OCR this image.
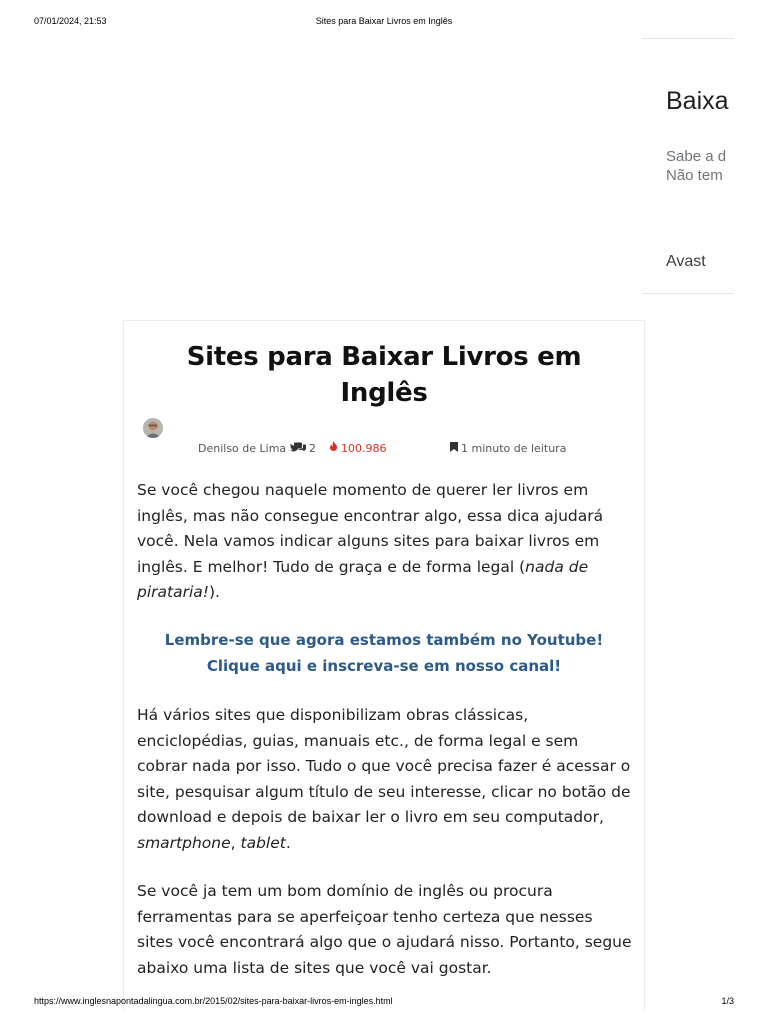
07/01/2024, 21:53	Sites para Baixar Livros em Inglês
Baixa
Sabe a d
Não tem
Avast
Sites para Baixar Livros em
Inglês
Denilso de Lima 2 100.986	1 minuto de leitura

Se você chegou naquele momento de querer ler livros em inglês, mas não consegue encontrar algo, essa dica ajudará você. Nela vamos indicar alguns sites para baixar livros em inglês. E melhor! Tudo de graça e de forma legal (nada de pirataria!).

Lembre-se que agora estamos também no Youtube!
Clique aqui e inscreva-se em nosso canal!

Há vários sites que disponibilizam obras clássicas, enciclopédias, guias, manuais etc., de forma legal e sem cobrar nada por isso. Tudo o que você precisa fazer é acessar o site, pesquisar algum título de seu interesse, clicar no botão de download e depois de baixar ler o livro em seu computador, smartphone, tablet.

Se você ja tem um bom domínio de inglês ou procura ferramentas para se aperfeiçoar tenho certeza que nesses sites você encontrará algo que o ajudará nisso. Portanto, segue abaixo uma lista de sites que você vai gostar.

https://www.inglesnapontadalingua.com.br/2015/02/sites-para-baixar-livros-em-ingles.html	1/3
